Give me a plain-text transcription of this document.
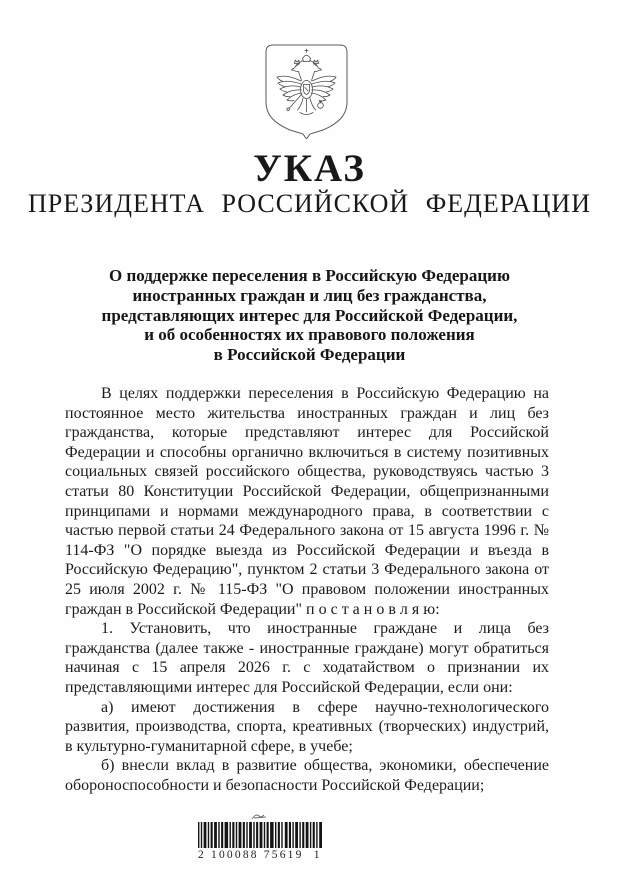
УКАЗ
ПРЕЗИДЕНТА РОССИЙСКОЙ ФЕДЕРАЦИИ
О поддержке переселения в Российскую Федерацию
иностранных граждан и лиц без гражданства,
представляющих интерес для Российской Федерации,
и об особенностях их правового положения
в Российской Федерации

В целях поддержки переселения в Российскую Федерацию на постоянное место жительства иностранных граждан и лиц без гражданства, которые представляют интерес для Российской Федерации и способны органично включиться в систему позитивных социальных связей российского общества, руководствуясь частью 3 статьи 80 Конституции Российской Федерации, общепризнанными принципами и нормами международного права, в соответствии с частью первой статьи 24 Федерального закона от 15 августа 1996 г. № 114-ФЗ "О порядке выезда из Российской Федерации и въезда в Российскую Федерацию", пунктом 2 статьи 3 Федерального закона от 25 июля 2002 г. № 115-ФЗ "О правовом положении иностранных граждан в Российской Федерации" п о с т а н о в л я ю:

1. Установить, что иностранные граждане и лица без гражданства (далее также - иностранные граждане) могут обратиться начиная с 15 апреля 2026 г. с ходатайством о признании их представляющими интерес для Российской Федерации, если они:

а) имеют достижения в сфере научно-технологического развития, производства, спорта, креативных (творческих) индустрий, в культурно-гуманитарной сфере, в учебе;

б) внесли вклад в развитие общества, экономики, обеспечение обороноспособности и безопасности Российской Федерации;

2 100088 75619  1
